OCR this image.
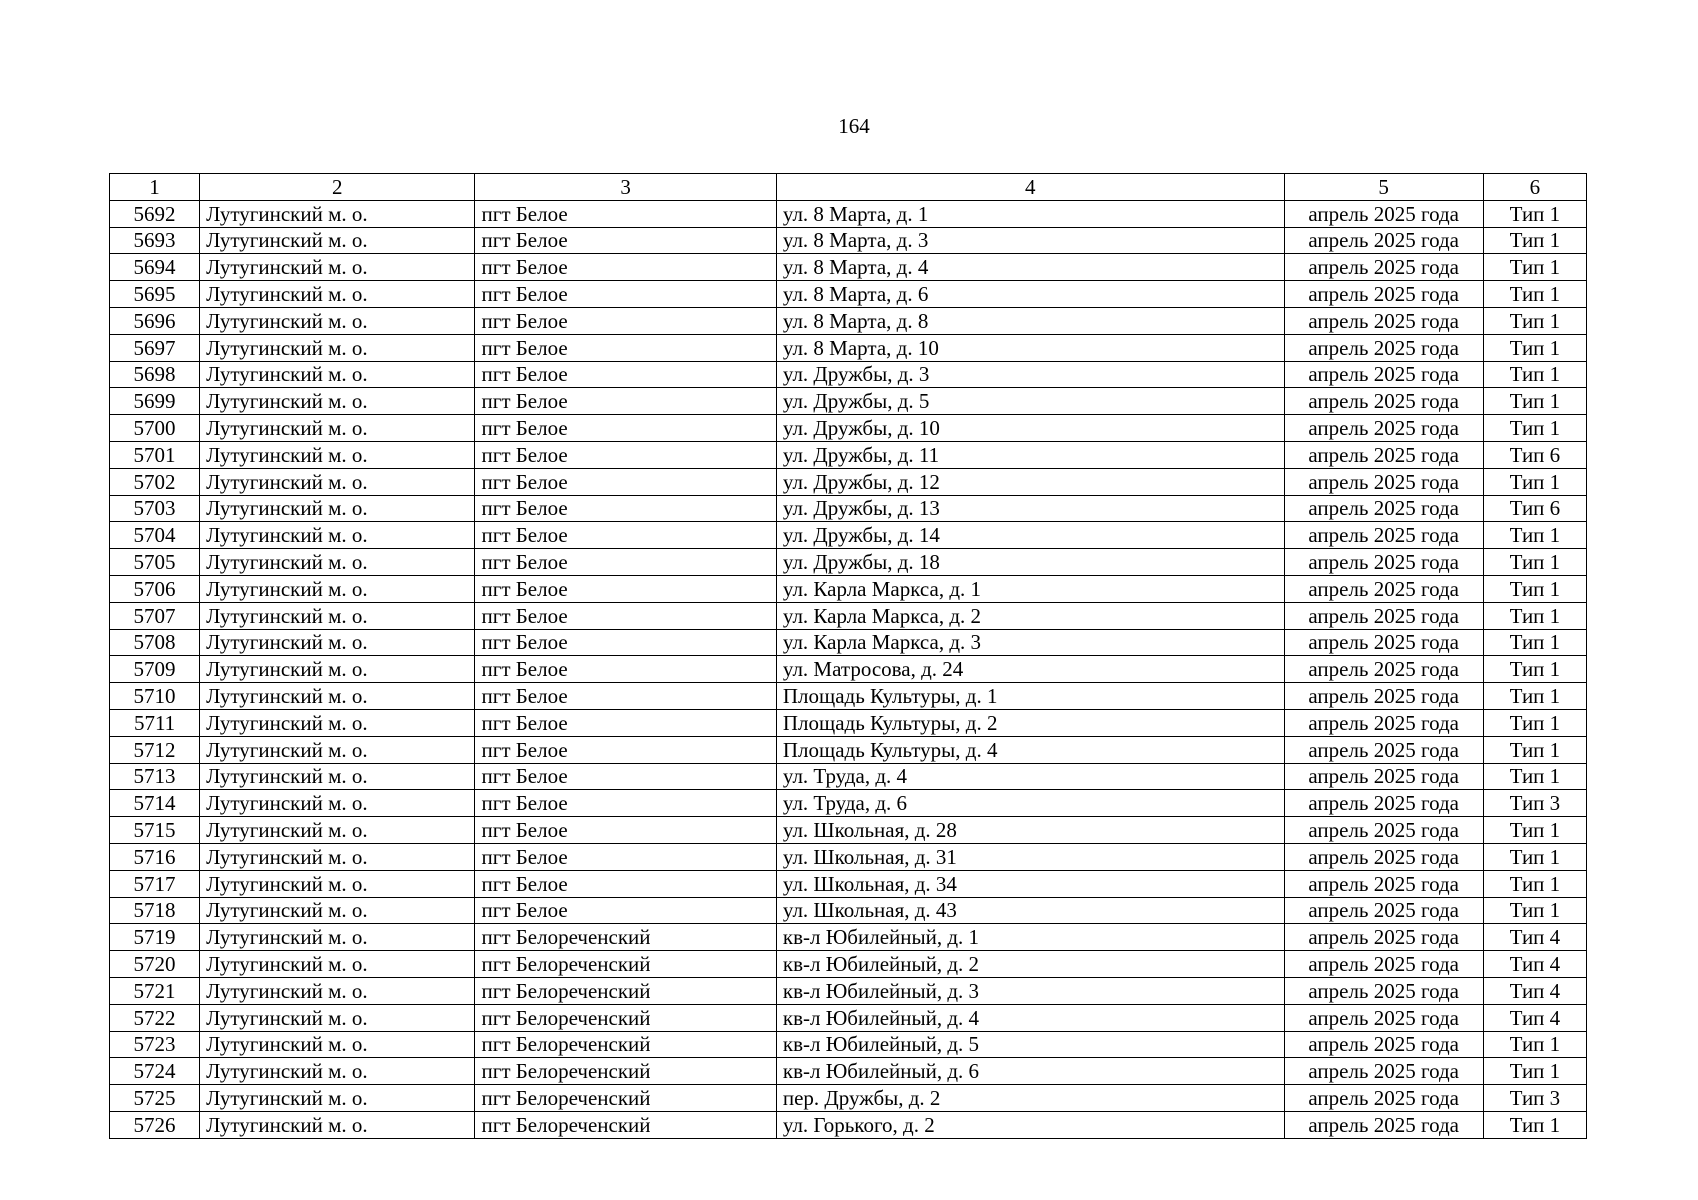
164
1	2	3	4	5	6
5692	Лутугинский м. о.	пгт Белое	ул. 8 Марта, д. 1	апрель 2025 года	Тип 1
5693	Лутугинский м. о.	пгт Белое	ул. 8 Марта, д. 3	апрель 2025 года	Тип 1
5694	Лутугинский м. о.	пгт Белое	ул. 8 Марта, д. 4	апрель 2025 года	Тип 1
5695	Лутугинский м. о.	пгт Белое	ул. 8 Марта, д. 6	апрель 2025 года	Тип 1
5696	Лутугинский м. о.	пгт Белое	ул. 8 Марта, д. 8	апрель 2025 года	Тип 1
5697	Лутугинский м. о.	пгт Белое	ул. 8 Марта, д. 10	апрель 2025 года	Тип 1
5698	Лутугинский м. о.	пгт Белое	ул. Дружбы, д. 3	апрель 2025 года	Тип 1
5699	Лутугинский м. о.	пгт Белое	ул. Дружбы, д. 5	апрель 2025 года	Тип 1
5700	Лутугинский м. о.	пгт Белое	ул. Дружбы, д. 10	апрель 2025 года	Тип 1
5701	Лутугинский м. о.	пгт Белое	ул. Дружбы, д. 11	апрель 2025 года	Тип 6
5702	Лутугинский м. о.	пгт Белое	ул. Дружбы, д. 12	апрель 2025 года	Тип 1
5703	Лутугинский м. о.	пгт Белое	ул. Дружбы, д. 13	апрель 2025 года	Тип 6
5704	Лутугинский м. о.	пгт Белое	ул. Дружбы, д. 14	апрель 2025 года	Тип 1
5705	Лутугинский м. о.	пгт Белое	ул. Дружбы, д. 18	апрель 2025 года	Тип 1
5706	Лутугинский м. о.	пгт Белое	ул. Карла Маркса, д. 1	апрель 2025 года	Тип 1
5707	Лутугинский м. о.	пгт Белое	ул. Карла Маркса, д. 2	апрель 2025 года	Тип 1
5708	Лутугинский м. о.	пгт Белое	ул. Карла Маркса, д. 3	апрель 2025 года	Тип 1
5709	Лутугинский м. о.	пгт Белое	ул. Матросова, д. 24	апрель 2025 года	Тип 1
5710	Лутугинский м. о.	пгт Белое	Площадь Культуры, д. 1	апрель 2025 года	Тип 1
5711	Лутугинский м. о.	пгт Белое	Площадь Культуры, д. 2	апрель 2025 года	Тип 1
5712	Лутугинский м. о.	пгт Белое	Площадь Культуры, д. 4	апрель 2025 года	Тип 1
5713	Лутугинский м. о.	пгт Белое	ул. Труда, д. 4	апрель 2025 года	Тип 1
5714	Лутугинский м. о.	пгт Белое	ул. Труда, д. 6	апрель 2025 года	Тип 3
5715	Лутугинский м. о.	пгт Белое	ул. Школьная, д. 28	апрель 2025 года	Тип 1
5716	Лутугинский м. о.	пгт Белое	ул. Школьная, д. 31	апрель 2025 года	Тип 1
5717	Лутугинский м. о.	пгт Белое	ул. Школьная, д. 34	апрель 2025 года	Тип 1
5718	Лутугинский м. о.	пгт Белое	ул. Школьная, д. 43	апрель 2025 года	Тип 1
5719	Лутугинский м. о.	пгт Белореченский	кв-л Юбилейный, д. 1	апрель 2025 года	Тип 4
5720	Лутугинский м. о.	пгт Белореченский	кв-л Юбилейный, д. 2	апрель 2025 года	Тип 4
5721	Лутугинский м. о.	пгт Белореченский	кв-л Юбилейный, д. 3	апрель 2025 года	Тип 4
5722	Лутугинский м. о.	пгт Белореченский	кв-л Юбилейный, д. 4	апрель 2025 года	Тип 4
5723	Лутугинский м. о.	пгт Белореченский	кв-л Юбилейный, д. 5	апрель 2025 года	Тип 1
5724	Лутугинский м. о.	пгт Белореченский	кв-л Юбилейный, д. 6	апрель 2025 года	Тип 1
5725	Лутугинский м. о.	пгт Белореченский	пер. Дружбы, д. 2	апрель 2025 года	Тип 3
5726	Лутугинский м. о.	пгт Белореченский	ул. Горького, д. 2	апрель 2025 года	Тип 1
